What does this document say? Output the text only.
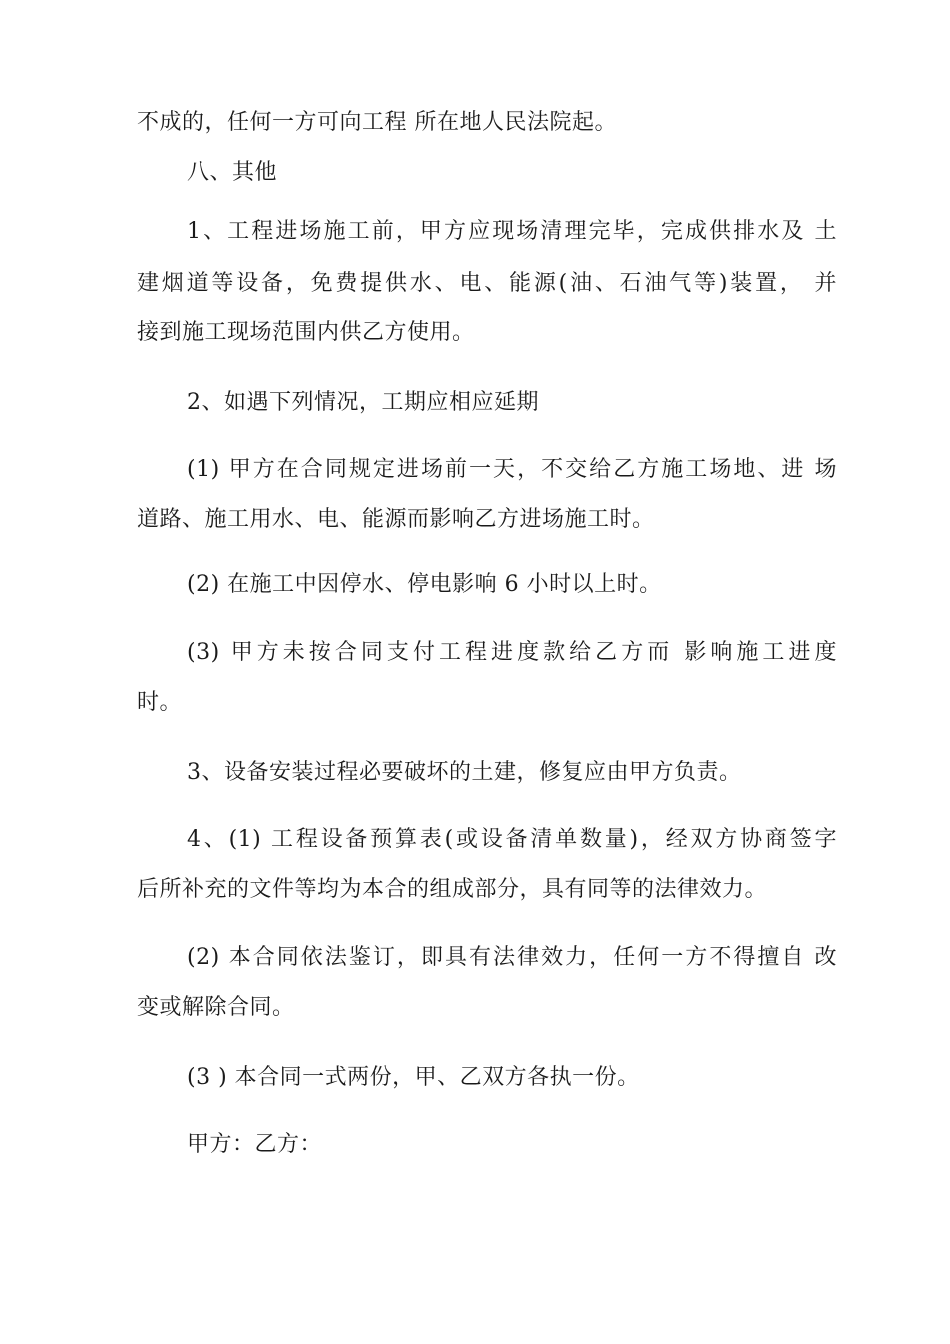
不成的，任何一方可向工程 所在地人民法院起。
八、其他
1、工程进场施工前，甲方应现场清理完毕，完成供排水及 土
建烟道等设备，免费提供水、电、能源(油、石油气等)装置， 并
接到施工现场范围内供乙方使用。
2、如遇下列情况，工期应相应延期
(1) 甲方在合同规定进场前一天，不交给乙方施工场地、进 场
道路、施工用水、电、能源而影响乙方进场施工时。
(2) 在施工中因停水、停电影响 6 小时以上时。
(3) 甲方未按合同支付工程进度款给乙方而 影响施工进度
时。
3、设备安装过程必要破坏的土建，修复应由甲方负责。
4、(1) 工程设备预算表(或设备清单数量)，经双方协商签字
后所补充的文件等均为本合的组成部分，具有同等的法律效力。
(2) 本合同依法鉴订，即具有法律效力，任何一方不得擅自 改
变或解除合同。
(3 ) 本合同一式两份，甲、乙双方各执一份。
甲方：乙方：
